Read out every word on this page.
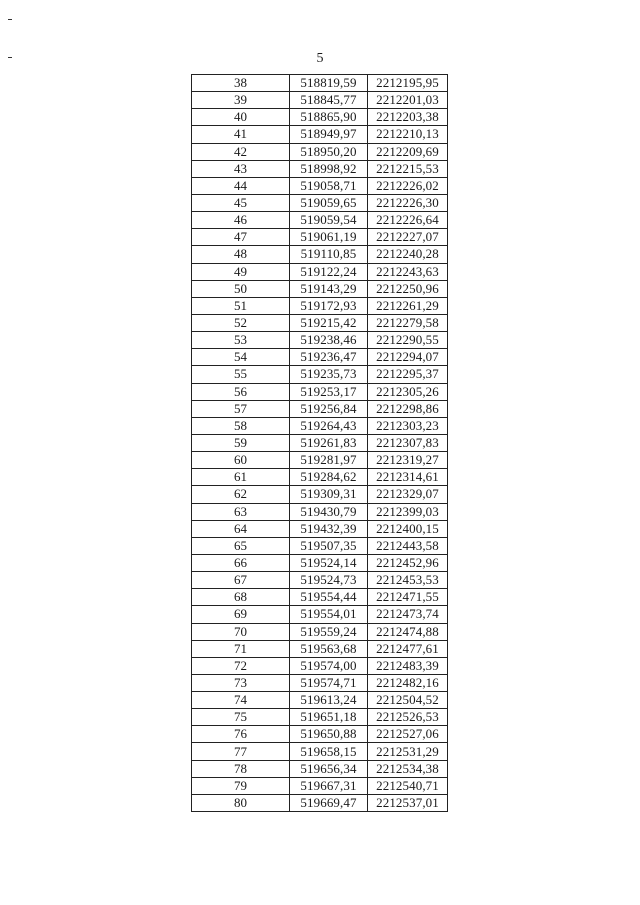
5
38	518819,59	2212195,95
39	518845,77	2212201,03
40	518865,90	2212203,38
41	518949,97	2212210,13
42	518950,20	2212209,69
43	518998,92	2212215,53
44	519058,71	2212226,02
45	519059,65	2212226,30
46	519059,54	2212226,64
47	519061,19	2212227,07
48	519110,85	2212240,28
49	519122,24	2212243,63
50	519143,29	2212250,96
51	519172,93	2212261,29
52	519215,42	2212279,58
53	519238,46	2212290,55
54	519236,47	2212294,07
55	519235,73	2212295,37
56	519253,17	2212305,26
57	519256,84	2212298,86
58	519264,43	2212303,23
59	519261,83	2212307,83
60	519281,97	2212319,27
61	519284,62	2212314,61
62	519309,31	2212329,07
63	519430,79	2212399,03
64	519432,39	2212400,15
65	519507,35	2212443,58
66	519524,14	2212452,96
67	519524,73	2212453,53
68	519554,44	2212471,55
69	519554,01	2212473,74
70	519559,24	2212474,88
71	519563,68	2212477,61
72	519574,00	2212483,39
73	519574,71	2212482,16
74	519613,24	2212504,52
75	519651,18	2212526,53
76	519650,88	2212527,06
77	519658,15	2212531,29
78	519656,34	2212534,38
79	519667,31	2212540,71
80	519669,47	2212537,01
